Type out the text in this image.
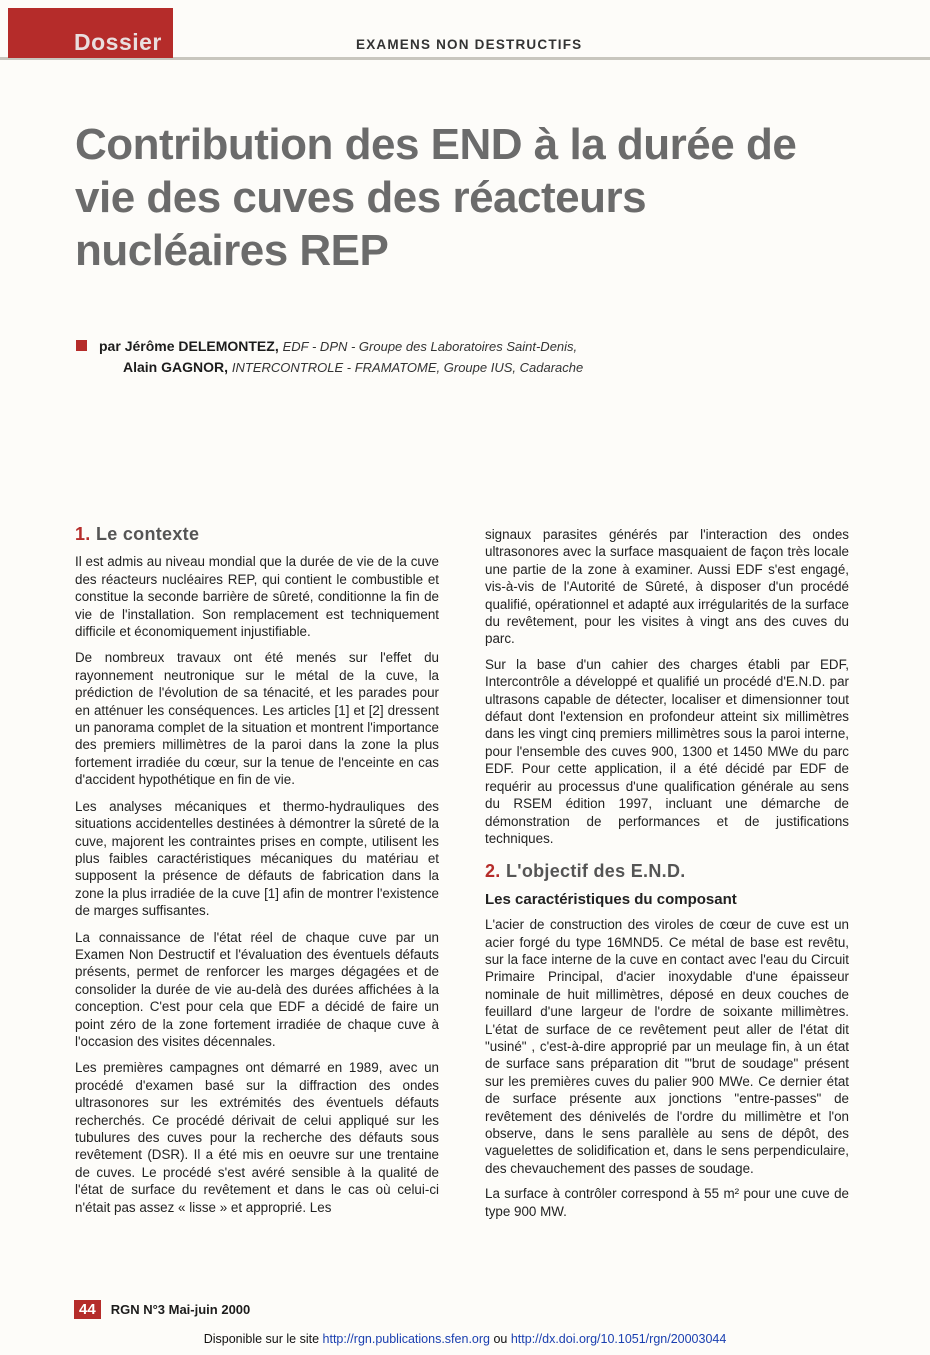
Dossier	EXAMENS NON DESTRUCTIFS
Contribution des END à la durée de vie des cuves des réacteurs nucléaires REP
par Jérôme DELEMONTEZ, EDF - DPN - Groupe des Laboratoires Saint-Denis,
Alain GAGNOR, INTERCONTROLE - FRAMATOME, Groupe IUS, Cadarache
1. Le contexte

Il est admis au niveau mondial que la durée de vie de la cuve des réacteurs nucléaires REP, qui contient le combustible et constitue la seconde barrière de sûreté, conditionne la fin de vie de l'installation. Son remplacement est techniquement difficile et économiquement injustifiable.

De nombreux travaux ont été menés sur l'effet du rayonnement neutronique sur le métal de la cuve, la prédiction de l'évolution de sa ténacité, et les parades pour en atténuer les conséquences. Les articles [1] et [2] dressent un panorama complet de la situation et montrent l'importance des premiers millimètres de la paroi dans la zone la plus fortement irradiée du cœur, sur la tenue de l'enceinte en cas d'accident hypothétique en fin de vie.

Les analyses mécaniques et thermo-hydrauliques des situations accidentelles destinées à démontrer la sûreté de la cuve, majorent les contraintes prises en compte, utilisent les plus faibles caractéristiques mécaniques du matériau et supposent la présence de défauts de fabrication dans la zone la plus irradiée de la cuve [1] afin de montrer l'existence de marges suffisantes.

La connaissance de l'état réel de chaque cuve par un Examen Non Destructif et l'évaluation des éventuels défauts présents, permet de renforcer les marges dégagées et de consolider la durée de vie au-delà des durées affichées à la conception. C'est pour cela que EDF a décidé de faire un point zéro de la zone fortement irradiée de chaque cuve à l'occasion des visites décennales.

Les premières campagnes ont démarré en 1989, avec un procédé d'examen basé sur la diffraction des ondes ultrasonores sur les extrémités des éventuels défauts recherchés. Ce procédé dérivait de celui appliqué sur les tubulures des cuves pour la recherche des défauts sous revêtement (DSR). Il a été mis en oeuvre sur une trentaine de cuves. Le procédé s'est avéré sensible à la qualité de l'état de surface du revêtement et dans le cas où celui-ci n'était pas assez « lisse » et approprié. Les

signaux parasites générés par l'interaction des ondes ultrasonores avec la surface masquaient de façon très locale une partie de la zone à examiner. Aussi EDF s'est engagé, vis-à-vis de l'Autorité de Sûreté, à disposer d'un procédé qualifié, opérationnel et adapté aux irrégularités de la surface du revêtement, pour les visites à vingt ans des cuves du parc.

Sur la base d'un cahier des charges établi par EDF, Intercontrôle a développé et qualifié un procédé d'E.N.D. par ultrasons capable de détecter, localiser et dimensionner tout défaut dont l'extension en profondeur atteint six millimètres dans les vingt cinq premiers millimètres sous la paroi interne, pour l'ensemble des cuves 900, 1300 et 1450 MWe du parc EDF. Pour cette application, il a été décidé par EDF de requérir au processus d'une qualification générale au sens du RSEM édition 1997, incluant une démarche de démonstration de performances et de justifications techniques.

2. L'objectif des E.N.D.
Les caractéristiques du composant

L'acier de construction des viroles de cœur de cuve est un acier forgé du type 16MND5. Ce métal de base est revêtu, sur la face interne de la cuve en contact avec l'eau du Circuit Primaire Principal, d'acier inoxydable d'une épaisseur nominale de huit millimètres, déposé en deux couches de feuillard d'une largeur de l'ordre de soixante millimètres. L'état de surface de ce revêtement peut aller de l'état dit "usiné" , c'est-à-dire approprié par un meulage fin, à un état de surface sans préparation dit '"brut de soudage" présent sur les premières cuves du palier 900 MWe. Ce dernier état de surface présente aux jonctions "entre-passes" de revêtement des dénivelés de l'ordre du millimètre et l'on observe, dans le sens parallèle au sens de dépôt, des vaguelettes de solidification et, dans le sens perpendiculaire, des chevauchement des passes de soudage.

La surface à contrôler correspond à 55 m² pour une cuve de type 900 MW.

44 RGN N°3 Mai-juin 2000
Disponible sur le site http://rgn.publications.sfen.org ou http://dx.doi.org/10.1051/rgn/20003044
